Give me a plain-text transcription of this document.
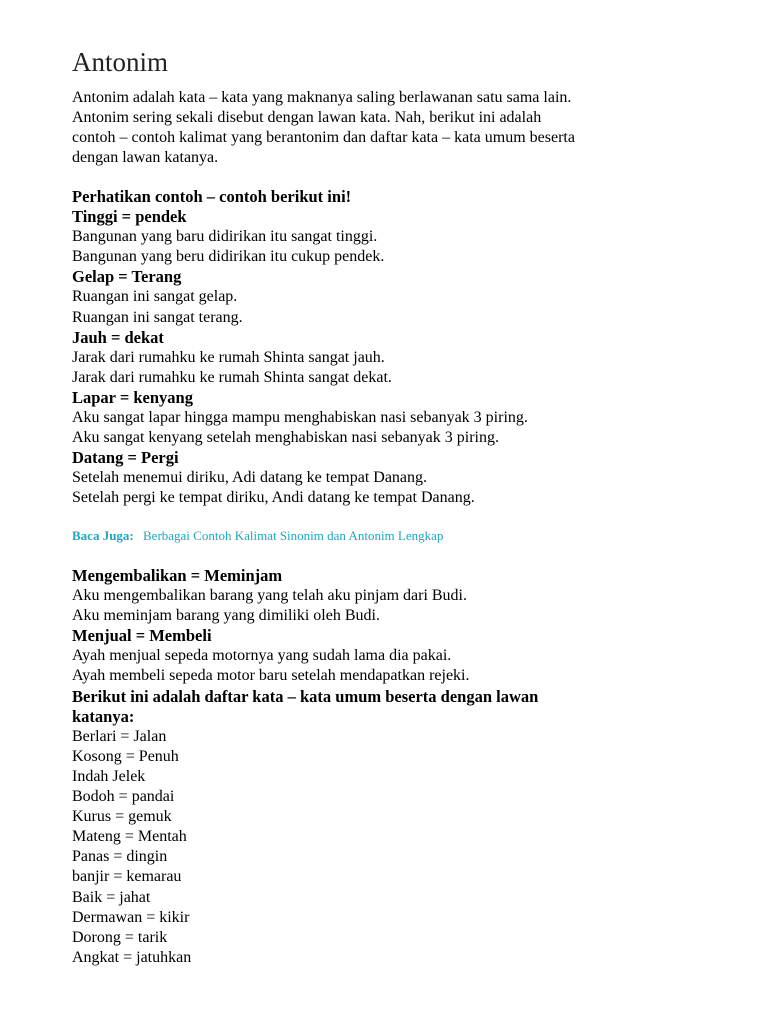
Antonim

Antonim adalah kata – kata yang maknanya saling berlawanan satu sama lain.

Antonim sering sekali disebut dengan lawan kata. Nah, berikut ini adalah

contoh – contoh kalimat yang berantonim dan daftar kata – kata umum beserta

dengan lawan katanya.

Perhatikan contoh – contoh berikut ini!

Tinggi = pendek

Bangunan yang baru didirikan itu sangat tinggi.

Bangunan yang beru didirikan itu cukup pendek.

Gelap = Terang

Ruangan ini sangat gelap.

Ruangan ini sangat terang.

Jauh = dekat

Jarak dari rumahku ke rumah Shinta sangat jauh.

Jarak dari rumahku ke rumah Shinta sangat dekat.

Lapar = kenyang

Aku sangat lapar hingga mampu menghabiskan nasi sebanyak 3 piring.

Aku sangat kenyang setelah menghabiskan nasi sebanyak 3 piring.

Datang = Pergi

Setelah menemui diriku, Adi datang ke tempat Danang.

Setelah pergi ke tempat diriku, Andi datang ke tempat Danang.

Baca Juga: Berbagai Contoh Kalimat Sinonim dan Antonim Lengkap

Mengembalikan = Meminjam

Aku mengembalikan barang yang telah aku pinjam dari Budi.

Aku meminjam barang yang dimiliki oleh Budi.

Menjual = Membeli

Ayah menjual sepeda motornya yang sudah lama dia pakai.

Ayah membeli sepeda motor baru setelah mendapatkan rejeki.

Berikut ini adalah daftar kata – kata umum beserta dengan lawan

katanya:

Berlari = Jalan

Kosong = Penuh

Indah Jelek

Bodoh = pandai

Kurus = gemuk

Mateng = Mentah

Panas = dingin

banjir = kemarau

Baik = jahat

Dermawan = kikir

Dorong = tarik

Angkat = jatuhkan
